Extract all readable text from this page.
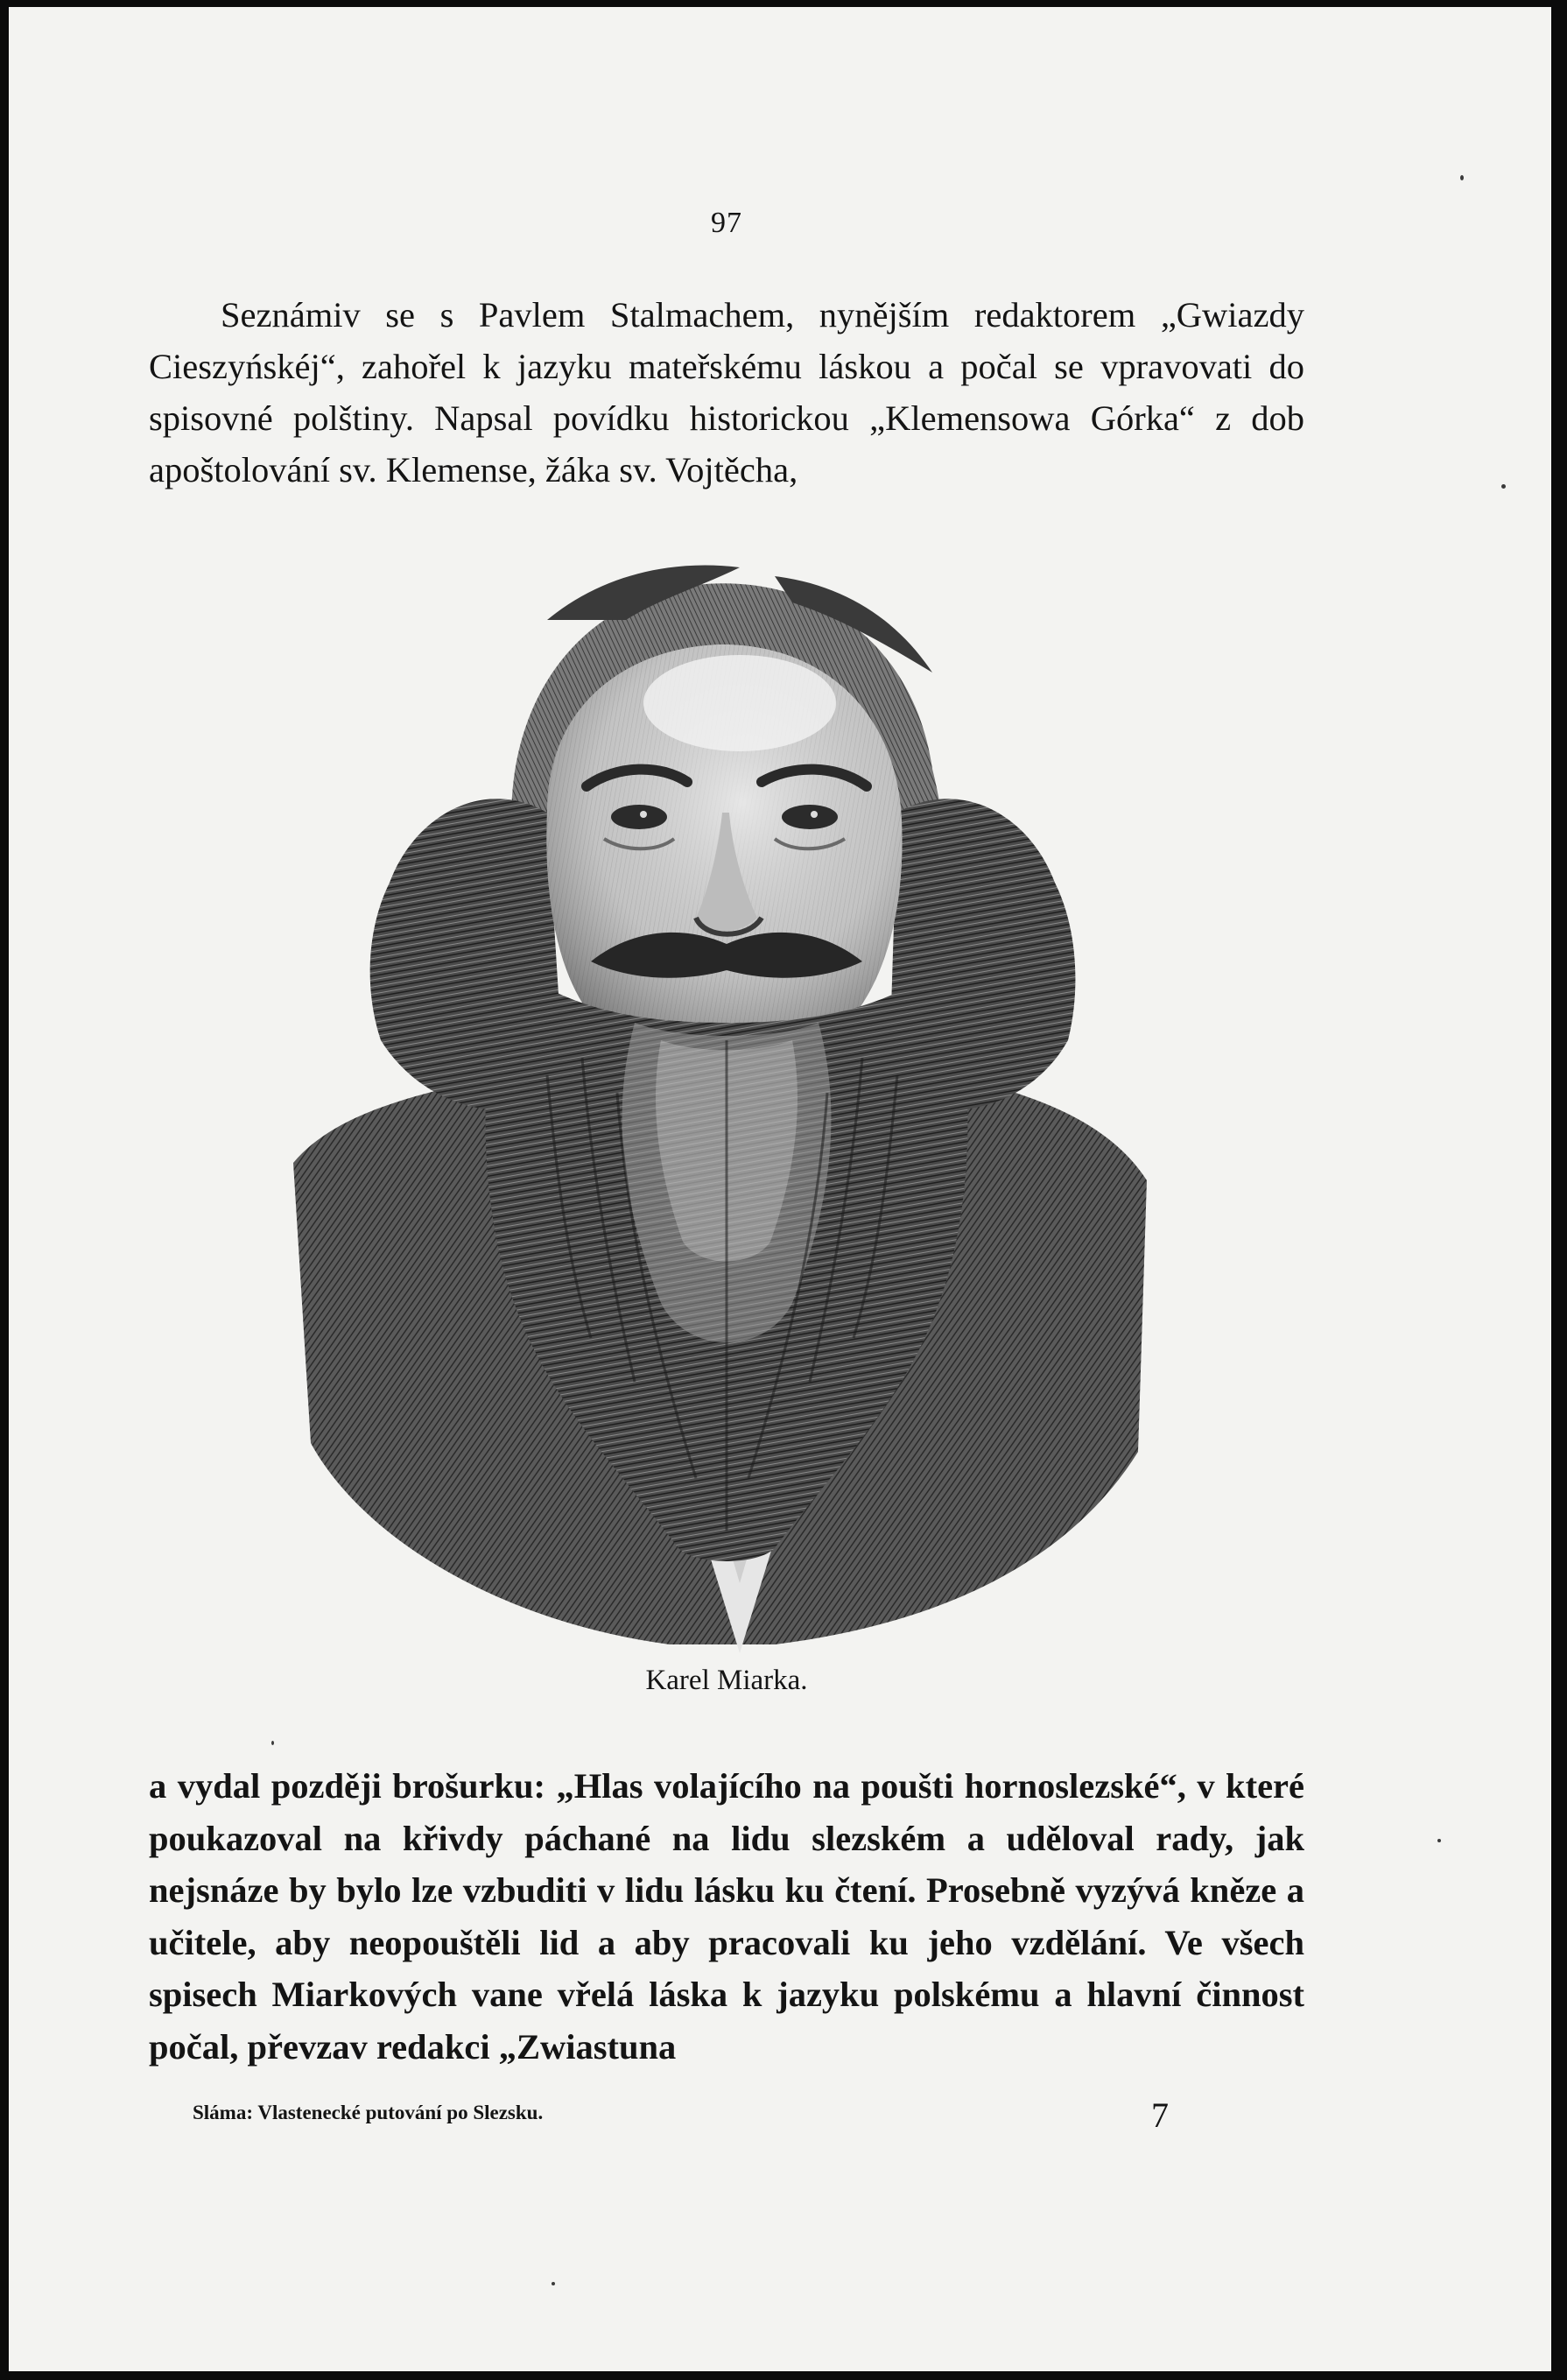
97
Seznámiv se s Pavlem Stalmachem, nynějším redaktorem „Gwiazdy Cieszyńskéj“, zahořel k jazyku mateřskému láskou a počal se vpravovati do spisovné polštiny. Napsal povídku historickou „Klemensowa Górka“ z dob apoštolování sv. Klemense, žáka sv. Vojtěcha,
Karel Miarka.
a vydal později brošurku: „Hlas volajícího na poušti hornoslezské“, v které poukazoval na křivdy páchané na lidu slezském a uděloval rady, jak nejsnáze by bylo lze vzbuditi v lidu lásku ku čtení. Prosebně vyzývá kněze a učitele, aby neopouštěli lid a aby pracovali ku jeho vzdělání. Ve všech spisech Miarkových vane vřelá láska k jazyku polskému a hlavní činnost počal, převzav redakci „Zwiastuna
Sláma: Vlastenecké putování po Slezsku.	7
